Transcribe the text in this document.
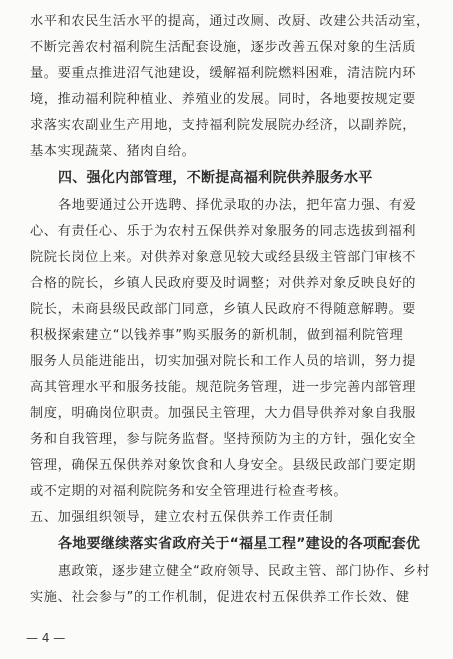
水平和农民生活水平的提高，通过改厕、改厨、改建公共活动室，
不断完善农村福利院生活配套设施，逐步改善五保对象的生活质
量。要重点推进沼气池建设，缓解福利院燃料困难，清洁院内环
境，推动福利院种植业、养殖业的发展。同时，各地要按规定要
求落实农副业生产用地，支持福利院发展院办经济，以副养院，
基本实现蔬菜、猪肉自给。
四、强化内部管理，不断提高福利院供养服务水平
各地要通过公开选聘、择优录取的办法，把年富力强、有爱
心、有责任心、乐于为农村五保供养对象服务的同志选拔到福利
院院长岗位上来。对供养对象意见较大或经县级主管部门审核不
合格的院长，乡镇人民政府要及时调整；对供养对象反映良好的
院长，未商县级民政部门同意，乡镇人民政府不得随意解聘。要
积极探索建立“以钱养事”购买服务的新机制，做到福利院管理
服务人员能进能出，切实加强对院长和工作人员的培训，努力提
高其管理水平和服务技能。规范院务管理，进一步完善内部管理
制度，明确岗位职责。加强民主管理，大力倡导供养对象自我服
务和自我管理，参与院务监督。坚持预防为主的方针，强化安全
管理，确保五保供养对象饮食和人身安全。县级民政部门要定期
或不定期的对福利院院务和安全管理进行检查考核。
五、加强组织领导，建立农村五保供养工作责任制
各地要继续落实省政府关于“福星工程”建设的各项配套优
惠政策，逐步建立健全“政府领导、民政主管、部门协作、乡村
实施、社会参与”的工作机制，促进农村五保供养工作长效、健
— 4 —
